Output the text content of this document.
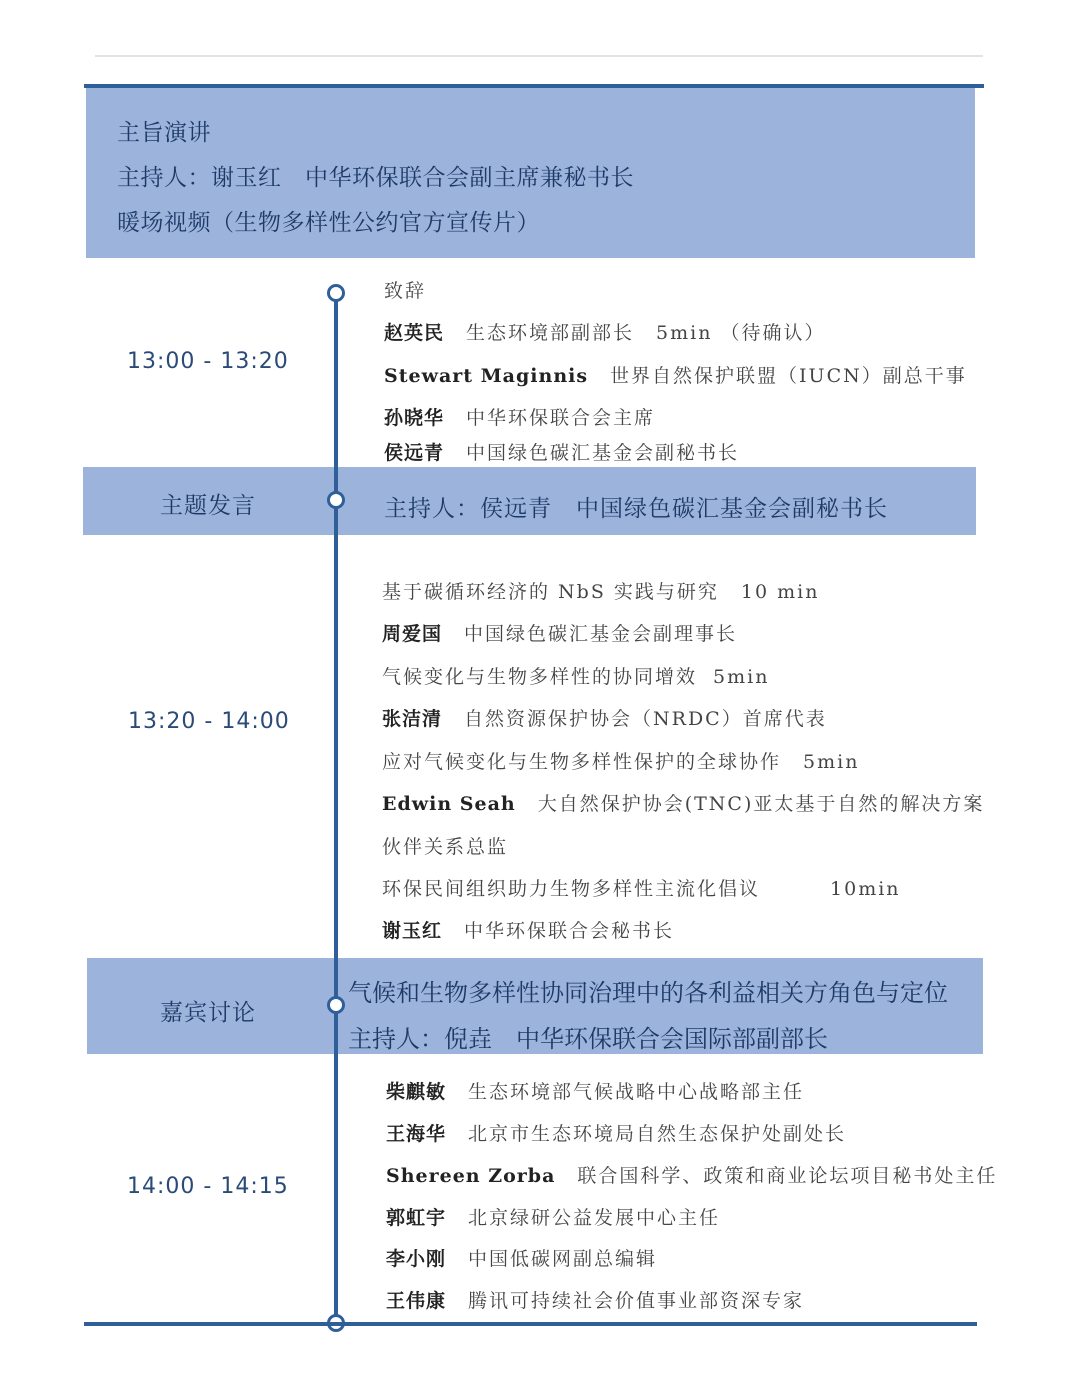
主旨演讲
主持人：谢玉红　中华环保联合会副主席兼秘书长
暖场视频（生物多样性公约官方宣传片）
13:00 - 13:20
致辞
赵英民 生态环境部副部长 5min （待确认）
Stewart Maginnis 世界自然保护联盟（IUCN）副总干事
孙晓华 中华环保联合会主席
侯远青 中国绿色碳汇基金会副秘书长
主题发言	主持人：侯远青　中国绿色碳汇基金会副秘书长
13:20 - 14:00
基于碳循环经济的 NbS 实践与研究 10 min
周爱国 中国绿色碳汇基金会副理事长
气候变化与生物多样性的协同增效 5min
张洁清 自然资源保护协会（NRDC）首席代表
应对气候变化与生物多样性保护的全球协作 5min
Edwin Seah 大自然保护协会(TNC)亚太基于自然的解决方案
伙伴关系总监
环保民间组织助力生物多样性主流化倡议	10min
谢玉红 中华环保联合会秘书长
嘉宾讨论
气候和生物多样性协同治理中的各利益相关方角色与定位
主持人：倪垚　中华环保联合会国际部副部长
14:00 - 14:15
柴麒敏 生态环境部气候战略中心战略部主任
王海华 北京市生态环境局自然生态保护处副处长
Shereen Zorba 联合国科学、政策和商业论坛项目秘书处主任
郭虹宇 北京绿研公益发展中心主任
李小刚 中国低碳网副总编辑
王伟康 腾讯可持续社会价值事业部资深专家
